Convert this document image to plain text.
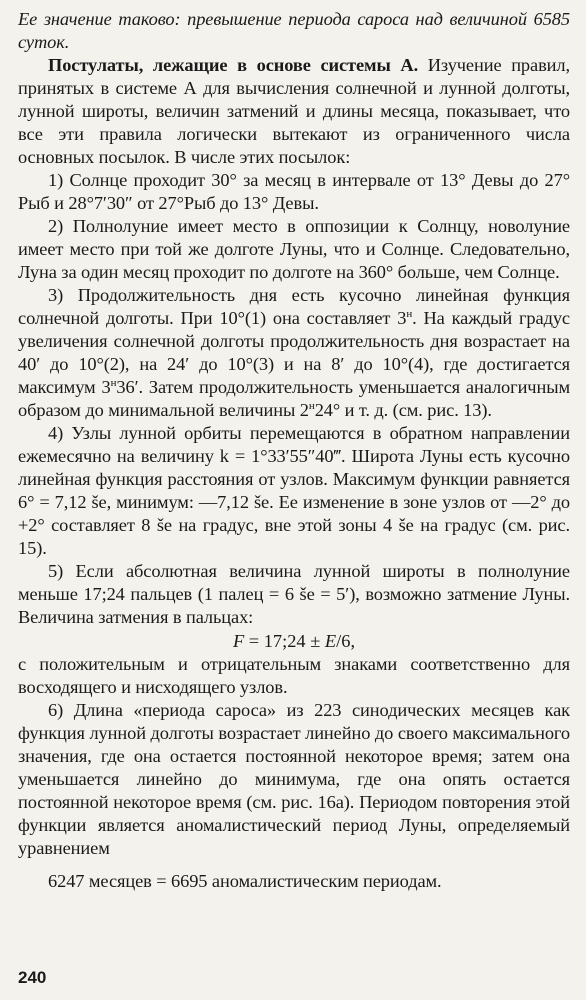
Ее значение таково: превышение периода сароса над величиной 6585 суток.

Постулаты, лежащие в основе системы А. Изучение правил, принятых в системе А для вычисления солнечной и лунной долготы, лунной широты, величин затмений и длины месяца, показывает, что все эти правила логически вытекают из ограниченного числа основных посылок. В числе этих посылок:

1) Солнце проходит 30° за месяц в интервале от 13° Девы до 27° Рыб и 28°7′30″ от 27°Рыб до 13° Девы.

2) Полнолуние имеет место в оппозиции к Солнцу, новолуние имеет место при той же долготе Луны, что и Солнце. Следовательно, Луна за один месяц проходит по долготе на 360° больше, чем Солнце.

3) Продолжительность дня есть кусочно линейная функция солнечной долготы. При 10°(1) она составляет $3^н$. На каждый градус увеличения солнечной долготы продолжительность дня возрастает на 40′ до 10°(2), на 24′ до 10°(3) и на 8′ до 10°(4), где достигается максимум $3^н36'$. Затем продолжительность уменьшается аналогичным образом до минимальной величины $2^н24^\circ$ и т. д. (см. рис. 13).

4) Узлы лунной орбиты перемещаются в обратном направлении ежемесячно на величину k = 1°33′55″40‴. Широта Луны есть кусочно линейная функция расстояния от узлов. Максимум функции равняется 6° = 7,12 še, минимум: —7,12 še. Ее изменение в зоне узлов от —2° до +2° составляет 8 še на градус, вне этой зоны 4 še на градус (см. рис. 15).

5) Если абсолютная величина лунной широты в полнолуние меньше 17;24 пальцев (1 палец = 6 še = 5′), возможно затмение Луны. Величина затмения в пальцах:

F = 17;24 ± E/6,

с положительным и отрицательным знаками соответственно для восходящего и нисходящего узлов.

6) Длина «периода сароса» из 223 синодических месяцев как функция лунной долготы возрастает линейно до своего максимального значения, где она остается постоянной некоторое время; затем она уменьшается линейно до минимума, где она опять остается постоянной некоторое время (см. рис. 16а). Периодом повторения этой функции является аномалистический период Луны, определяемый уравнением

6247 месяцев = 6695 аномалистическим периодам.

240
